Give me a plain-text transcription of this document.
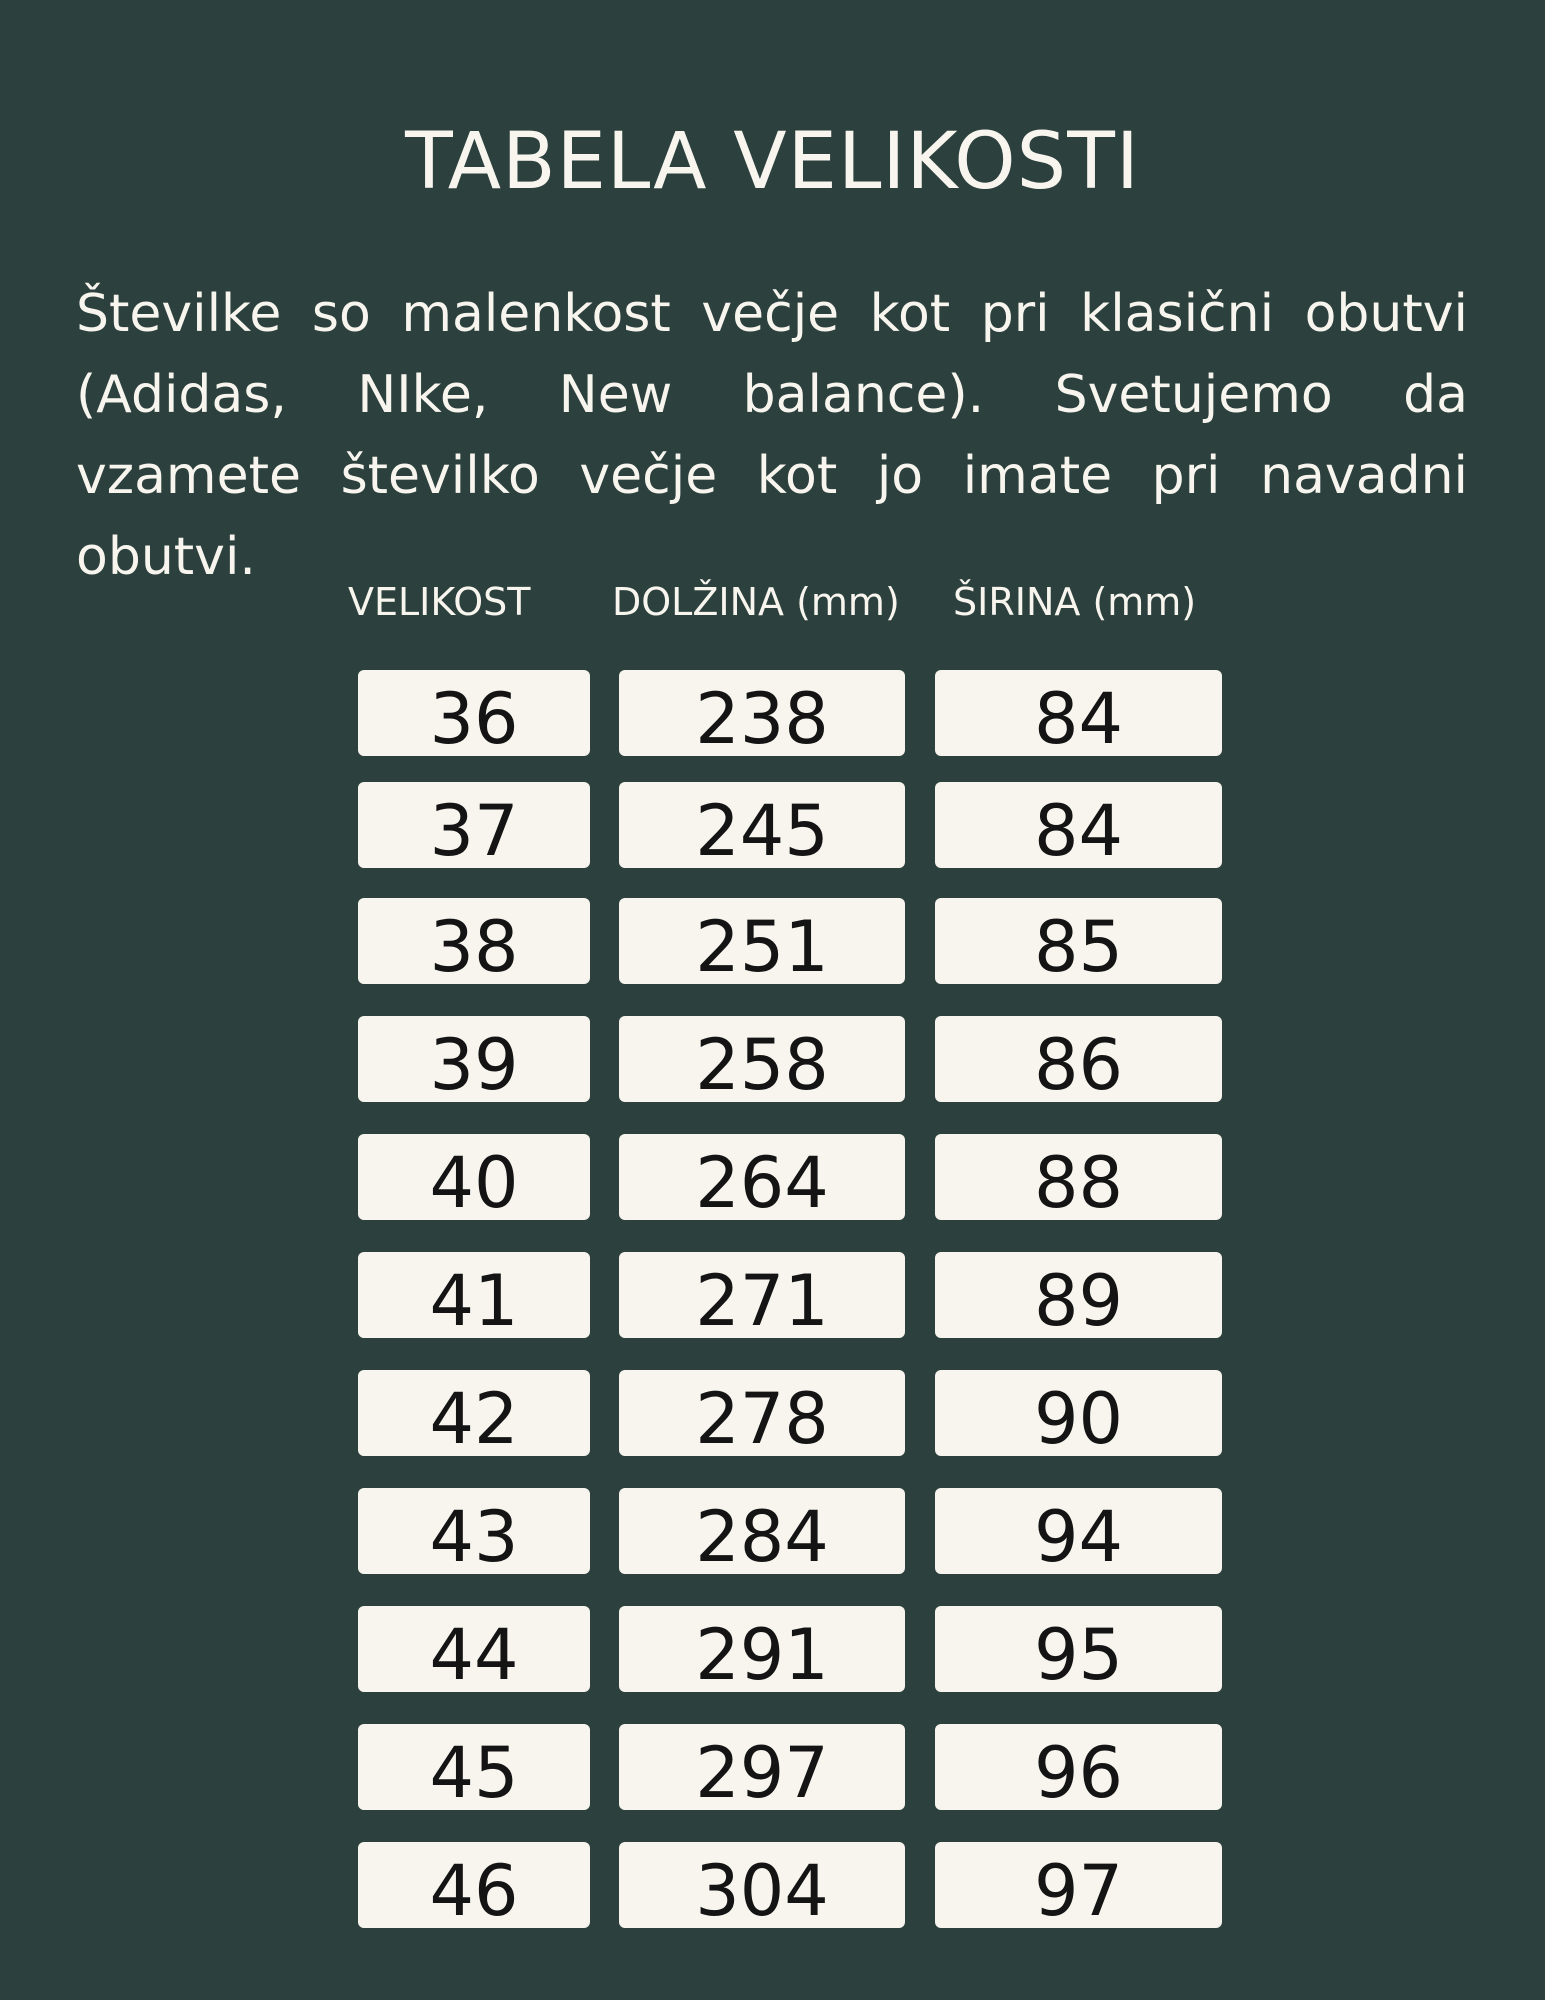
TABELA VELIKOSTI

Številke so malenkost večje kot pri klasični obutvi (Adidas, NIke, New balance). Svetujemo da vzamete številko večje kot jo imate pri navadni obutvi.

VELIKOST DOLŽINA (mm) ŠIRINA (mm)
36	238	84
37	245	84
38	251	85
39	258	86
40	264	88
41	271	89
42	278	90
43	284	94
44	291	95
45	297	96
46	304	97
